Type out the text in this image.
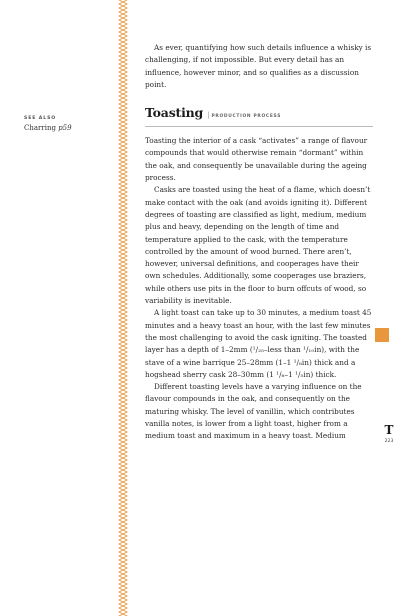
SEE ALSO
Charring p59

As ever, quantifying how such details influence a whisky is challenging, if not impossible. But every detail has an influence, however minor, and so qualifies as a discussion point.

Toasting | PRODUCTION PROCESS

Toasting the interior of a cask “activates” a range of flavour compounds that would otherwise remain “dormant” within the oak, and consequently be unavailable during the ageing process.

Casks are toasted using the heat of a flame, which doesn’t make contact with the oak (and avoids igniting it). Different degrees of toasting are classified as light, medium, medium plus and heavy, depending on the length of time and temperature applied to the cask, with the temperature controlled by the amount of wood burned. There aren’t, however, universal definitions, and cooperages have their own schedules. Additionally, some cooperages use braziers, while others use pits in the floor to burn offcuts of wood, so variability is inevitable.

A light toast can take up to 30 minutes, a medium toast 45 minutes and a heavy toast an hour, with the last few minutes the most challenging to avoid the cask igniting. The toasted layer has a depth of 1–2mm (¹/₂₅–less than ¹/₁₀in), with the stave of a wine barrique 25–28mm (1–1 ¹/₈in) thick and a hogshead sherry cask 28–30mm (1 ¹/₈–1 ¹/₅in) thick.

Different toasting levels have a varying influence on the flavour compounds in the oak, and consequently on the maturing whisky. The level of vanillin, which contributes vanilla notes, is lower from a light toast, higher from a medium toast and maximum in a heavy toast. Medium	T
223
